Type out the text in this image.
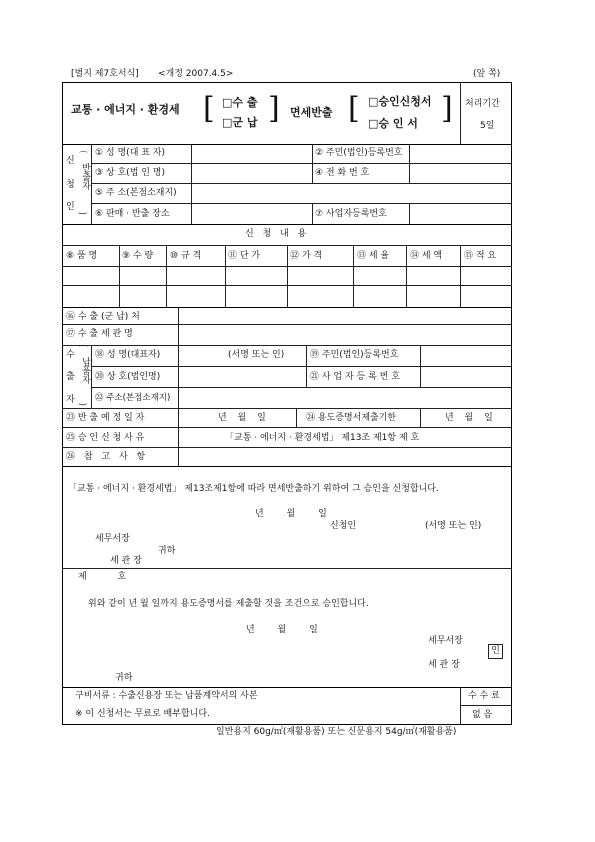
[별지 제7호서식] <개정 2007.4.5>	(앞 쪽)
교통 · 에너지 · 환경세 [ □수 출
□군 납 ] 면세반출 [ □승인신청서
□승 인 서 ] 처리기간
5일
신
청
인
⌒
반출자
‿
① 성 명(대 표 자)	② 주민(법인)등록번호
③ 상 호(법 인 명)	④ 전 화 번 호
⑤ 주 소(본점소재지)
⑥ 판매 · 반출 장소	⑦ 사업자등록번호
신 청 내 용
⑧ 품 명	⑨ 수 량 ⑩ 규 격	⑪ 단 가	⑫ 가 격	⑬ 세 율 ⑭ 세 액 ⑮ 적 요
⑯ 수 출 (군 납) 처
⑰ 수 출 세 관 명
수
출
자
⌒
납품자
‿
⑱ 성 명(대표자)	(서명 또는 인)	⑲ 주민(법인)등록번호
⑳ 상 호(법인명)	㉑ 사 업 자 등 록 번 호
㉒ 주소(본점소재지)
㉓ 반 출 예 정 일 자	년 월 일	㉔ 용도증명서제출기한	년 월 일
㉕ 승 인 신 청 사 유	「교통 · 에너지 · 환경세법」 제13조 제1항 제 호
㉖ 참 고 사 항
「교통 · 에너지 · 환경세법」 제13조제1항에 따라 면세반출하기 위하여 그 승인을 신청합니다.
년 월 일
신청인	(서명 또는 인)
세무서장
귀하
세 관 장
제 호
위와 같이 년 월 일까지 용도증명서를 제출할 것을 조건으로 승인합니다.
년 월 일
세무서장
인
세 관 장
귀하
구비서류 : 수출신용장 또는 납품계약서의 사본
※ 이 신청서는 무료로 배부합니다.
수 수 료
없 음
일반용지 60g/㎡(재활용품) 또는 신문용지 54g/㎡(재활용품)
